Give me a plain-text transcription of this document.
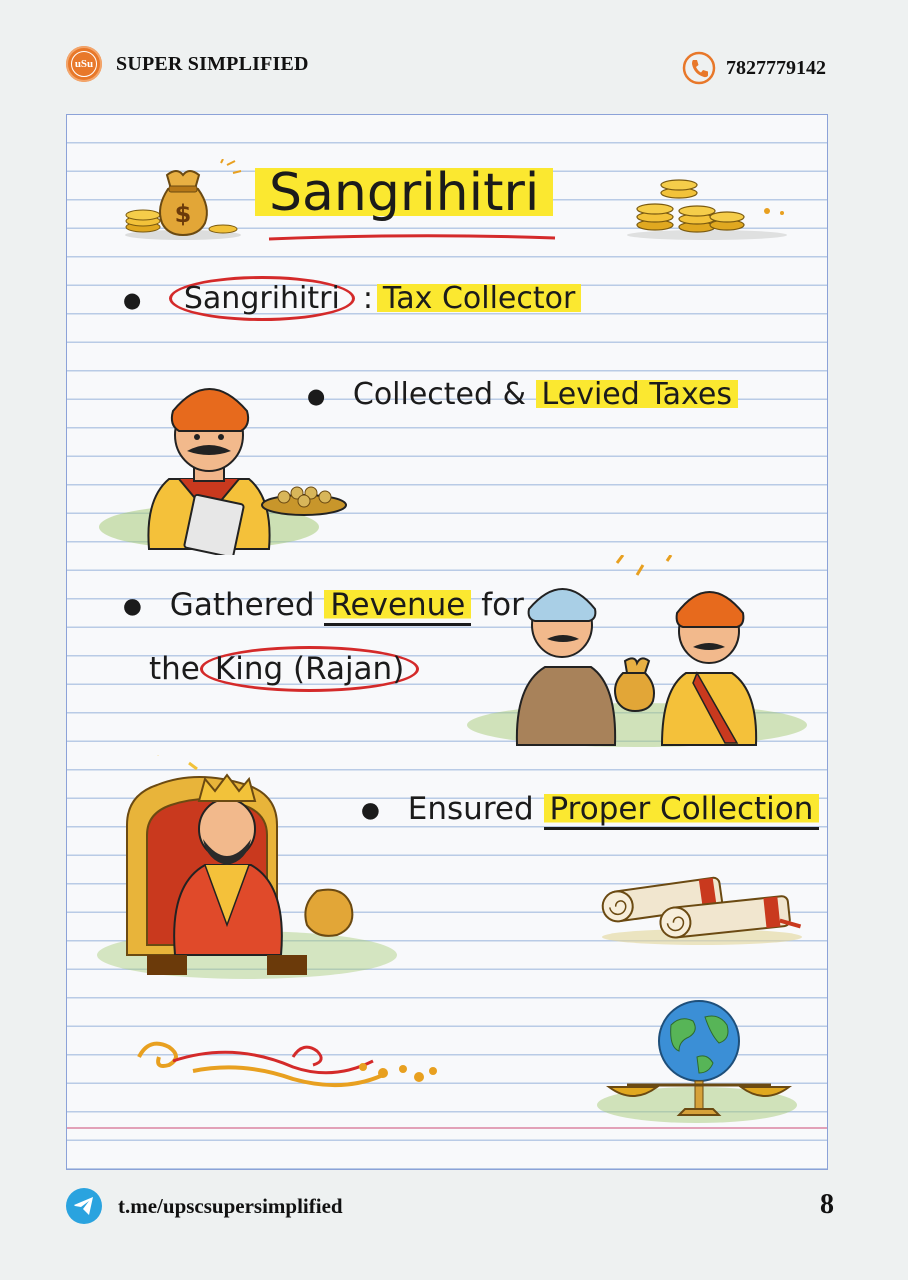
uSu SUPER SIMPLIFIED	7827779142
$ Sangrihitri
● Sangrihitri : Tax Collector
● Collected & Levied Taxes
● Gathered Revenue for
the King (Rajan)
● Ensured Proper Collection
t.me/upscsupersimplified	8
